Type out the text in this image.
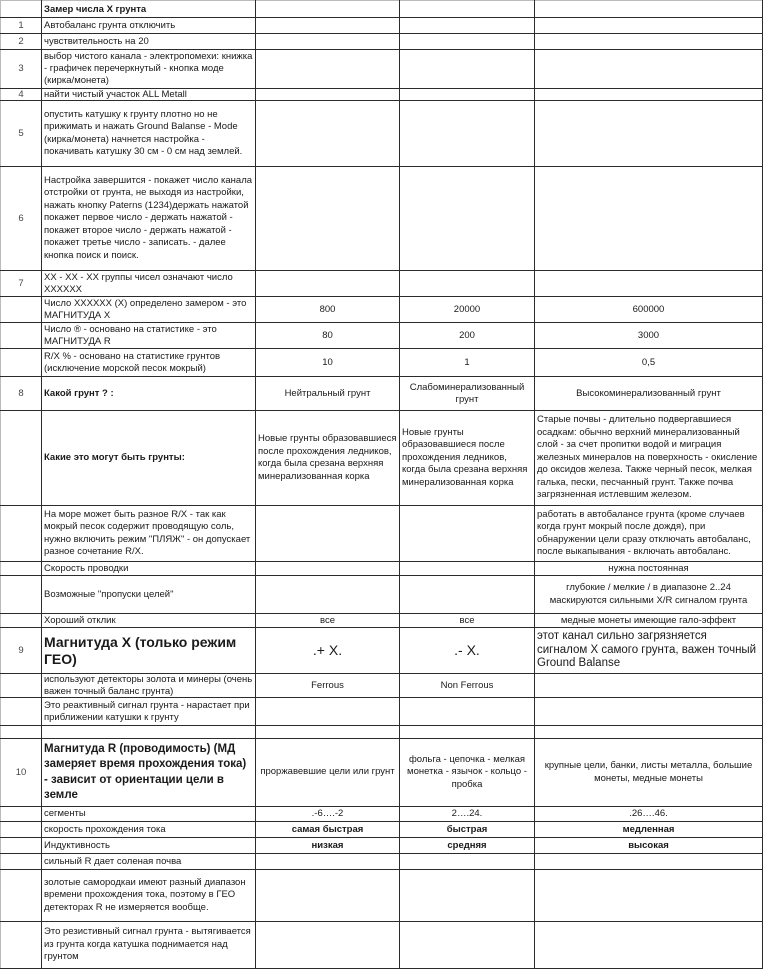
	Замер числа X грунта			
1	Автобаланс грунта отключить			
2	чувствительность на 20			
3	выбор чистого канала - электропомехи: книжка - графичек перечеркнутый - кнопка моде (кирка/монета)			
4	найти чистый участок ALL Metall			
5	опустить катушку к грунту плотно но не прижимать и нажать Ground Balanse - Mode (кирка/монета) начнется настройка - покачивать катушку 30 см - 0 см над землей.			
6	Настройка завершится - покажет число канала отстройки от грунта, не выходя из настройки, нажать кнопку Paterns (1234)держать нажатой покажет первое число - держать нажатой - покажет второе число - держать нажатой - покажет третье число - записать. - далее кнопка поиск и поиск.			
7	XX - XX - XX группы чисел означают число XXXXXX			
	Число XXXXXX (X) определено замером - это МАГНИТУДА X	800	20000	600000
	Число ® - основано на статистике - это МАГНИТУДА R	80	200	3000
	R/X % - основано на статистике грунтов (исключение морской песок мокрый)	10	1	0,5
8	Какой грунт ? :	Нейтральный грунт	Слабоминерализованный грунт	Высокоминерализованный грунт
	Какие это могут быть грунты:	Новые грунты образовавшиеся после прохождения ледников, когда была срезана верхняя минерализованная корка	Новые грунты образовавшиеся после прохождения ледников, когда была срезана верхняя минерализованная корка	Старые почвы - длительно подвергавшиеся осадкам: обычно верхний минерализованный слой - за счет пропитки водой и миграция железных минералов на поверхность - окисление до оксидов железа. Также черный песок, мелкая галька, пески, песчанный грунт. Также почва загрязненная истлевшим железом.
	На море может быть разное R/X - так как мокрый песок содержит проводящую соль, нужно включить режим "ПЛЯЖ" - он допускает разное сочетание R/X.			работать в автобалансе грунта (кроме случаев когда грунт мокрый после дождя), при обнаружении цели сразу отключать автобаланс, после выкапывания - включать автобаланс.
	Скорость проводки			нужна постоянная
	Возможные "пропуски целей"			глубокие / мелкие / в диапазоне 2..24 маскируются сильными X/R сигналом грунта
	Хороший отклик	все	все	медные монеты имеющие гало-эффект
9	Магнитуда X (только режим ГЕО)	.+ X.	.- X.	этот канал сильно загрязняется сигналом X самого грунта, важен точный Ground Balanse
	используют детекторы золота и минеры (очень важен точный баланс грунта)	Ferrous	Non Ferrous	
	Это реактивный сигнал грунта - нарастает при приближении катушки к грунту			

10	Магнитуда R (проводимость) (МД замеряет время прохождения тока) - зависит от ориентации цели в земле	проржавевшие цели или грунт	фольга - цепочка - мелкая монетка - язычок - кольцо - пробка	крупные цели, банки, листы металла, большие монеты, медные монеты
	сегменты	.-6….-2	2….24.	.26….46.
	скорость прохождения тока	самая быстрая	быстрая	медленная
	Индуктивность	низкая	средняя	высокая
	сильный R дает соленая почва			
	золотые самородкаи имеют разный диапазон времени прохождения тока, поэтому в ГЕО детекторах R не измеряется вообще.			
	Это резистивный сигнал грунта - вытягивается из грунта когда катушка поднимается над грунтом			
